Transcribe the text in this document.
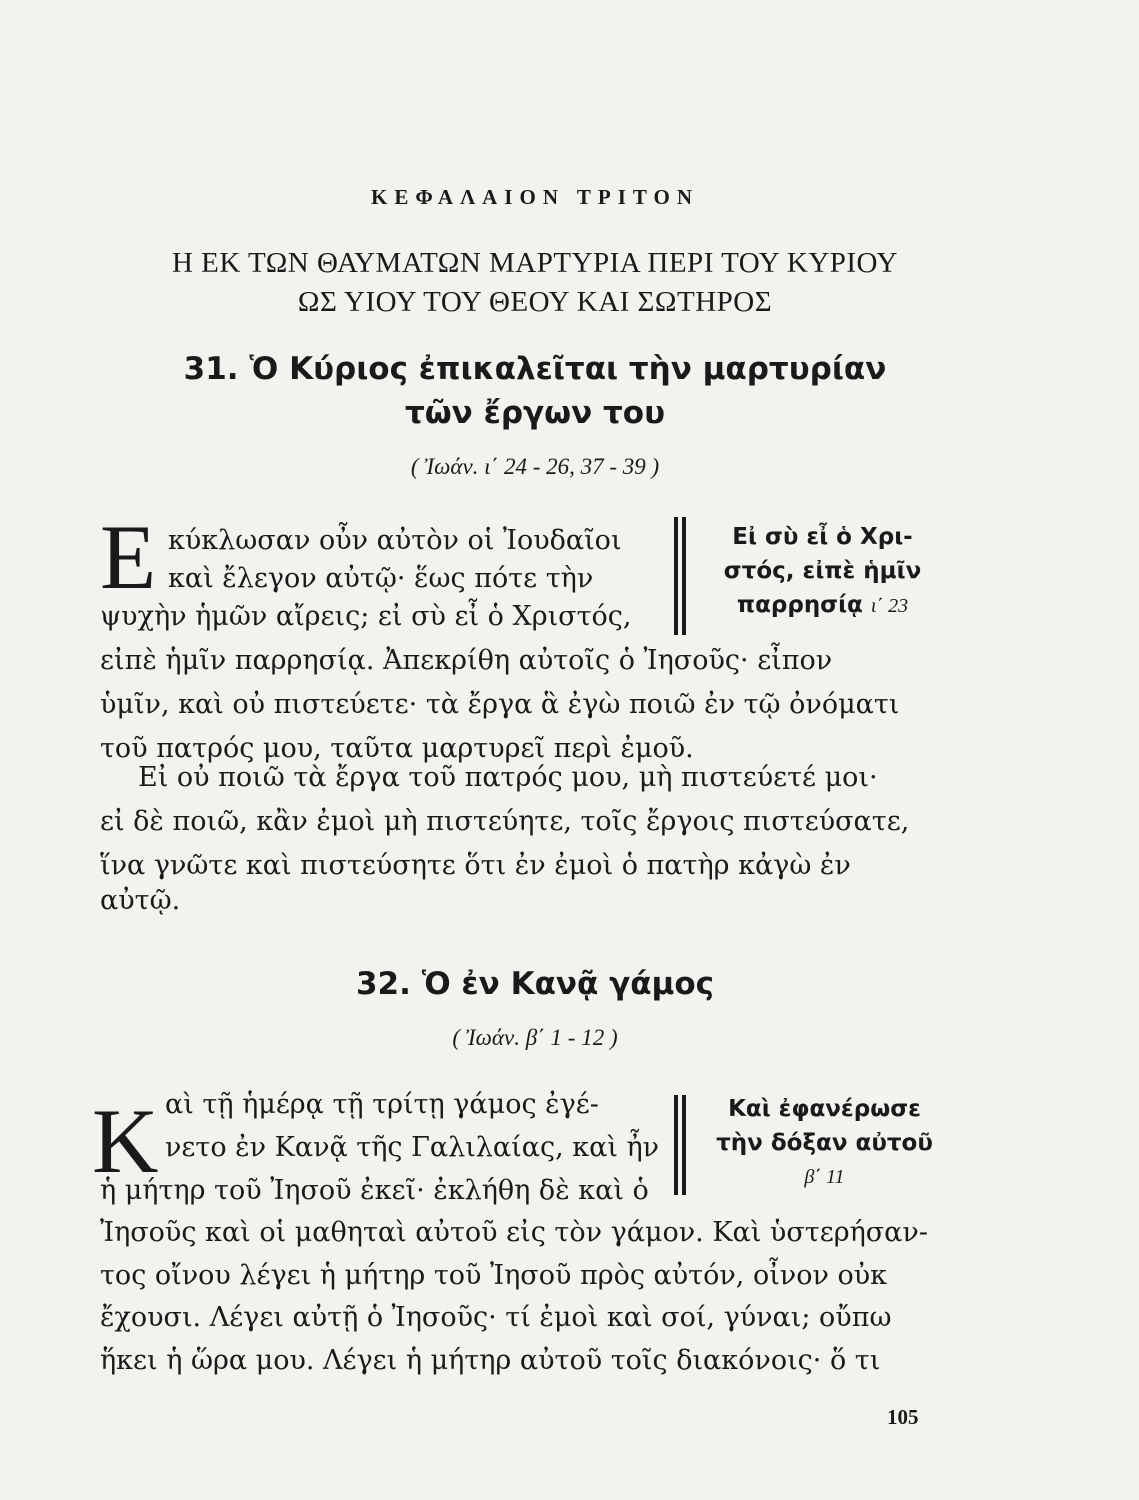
ΚΕΦΑΛΑΙΟΝ ΤΡΙΤΟΝ
Η ΕΚ ΤΩΝ ΘΑΥΜΑΤΩΝ ΜΑΡΤΥΡΙΑ ΠΕΡΙ ΤΟΥ ΚΥΡΙΟΥ
ΩΣ ΥΙΟΥ ΤΟΥ ΘΕΟΥ ΚΑΙ ΣΩΤΗΡΟΣ
31. Ὁ Κύριος ἐπικαλεῖται τὴν μαρτυρίαν
τῶν ἔργων του
( Ἰωάν. ι΄ 24 - 26, 37 - 39 )
Ε κύκλωσαν οὖν αὐτὸν οἱ Ἰουδαῖοι
καὶ ἔλεγον αὐτῷ· ἕως πότε τὴν
ψυχὴν ἡμῶν αἴρεις; εἰ σὺ εἶ ὁ Χριστός,
εἰπὲ ἡμῖν παρρησίᾳ. Ἀπεκρίθη αὐτοῖς ὁ Ἰησοῦς· εἶπον
ὑμῖν, καὶ οὐ πιστεύετε· τὰ ἔργα ἃ ἐγὼ ποιῶ ἐν τῷ ὀνόματι
τοῦ πατρός μου, ταῦτα μαρτυρεῖ περὶ ἐμοῦ.
Εἰ οὐ ποιῶ τὰ ἔργα τοῦ πατρός μου, μὴ πιστεύετέ μοι·
εἰ δὲ ποιῶ, κἂν ἐμοὶ μὴ πιστεύητε, τοῖς ἔργοις πιστεύσατε,
ἵνα γνῶτε καὶ πιστεύσητε ὅτι ἐν ἐμοὶ ὁ πατὴρ κἀγὼ ἐν
αὐτῷ.
Εἰ σὺ εἶ ὁ Χρι-
στός, εἰπὲ ἡμῖν
παρρησίᾳ ι΄ 23
32. Ὁ ἐν Κανᾷ γάμος
( Ἰωάν. β΄ 1 - 12 )
Κ αὶ τῇ ἡμέρᾳ τῇ τρίτῃ γάμος ἐγέ-
νετο ἐν Κανᾷ τῆς Γαλιλαίας, καὶ ἦν
ἡ μήτηρ τοῦ Ἰησοῦ ἐκεῖ· ἐκλήθη δὲ καὶ ὁ
Ἰησοῦς καὶ οἱ μαθηταὶ αὐτοῦ εἰς τὸν γάμον. Καὶ ὑστερήσαν-
τος οἴνου λέγει ἡ μήτηρ τοῦ Ἰησοῦ πρὸς αὐτόν, οἶνον οὐκ
ἔχουσι. Λέγει αὐτῇ ὁ Ἰησοῦς· τί ἐμοὶ καὶ σοί, γύναι; οὔπω
ἥκει ἡ ὥρα μου. Λέγει ἡ μήτηρ αὐτοῦ τοῖς διακόνοις· ὅ τι
Καὶ ἐφανέρωσε
τὴν δόξαν αὐτοῦ
β΄ 11
105
